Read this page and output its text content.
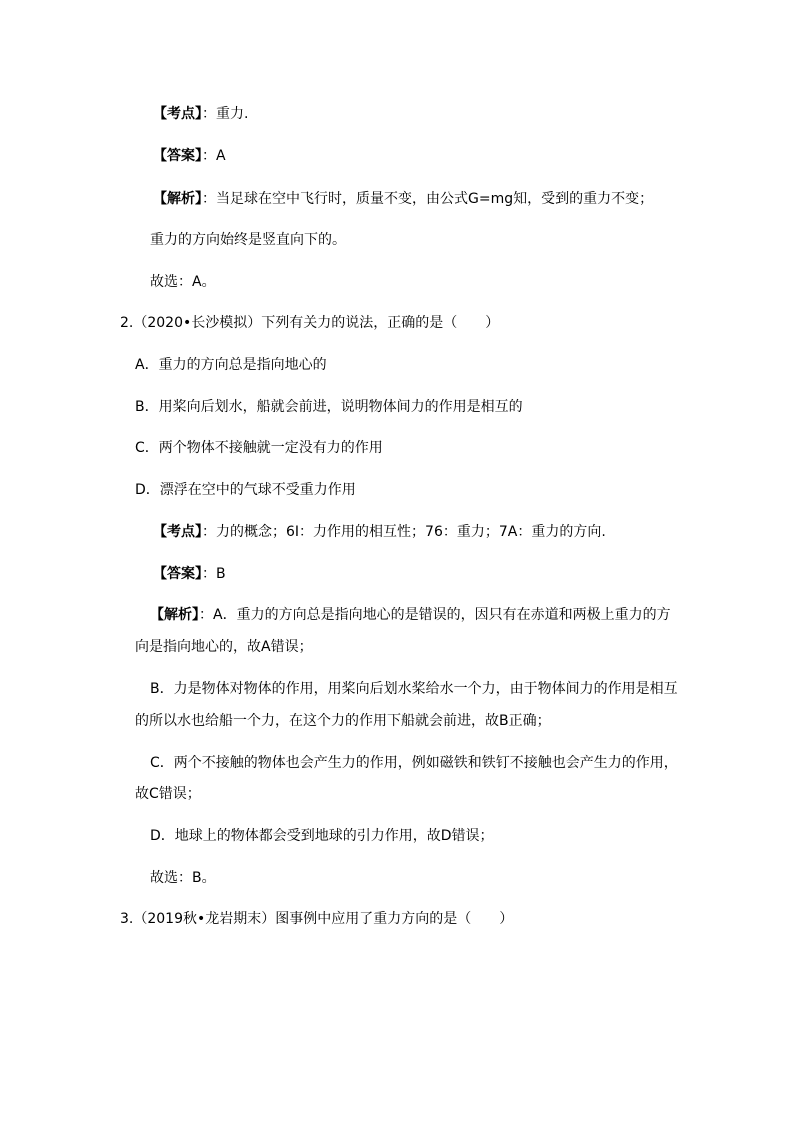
【考点】：重力.
【答案】：A
【解析】：当足球在空中飞行时，质量不变，由公式G=mg知，受到的重力不变；
重力的方向始终是竖直向下的。
故选：A。
2.（2020•长沙模拟）下列有关力的说法，正确的是（　　）
A．重力的方向总是指向地心的
B．用桨向后划水，船就会前进，说明物体间力的作用是相互的
C．两个物体不接触就一定没有力的作用
D．漂浮在空中的气球不受重力作用
【考点】：力的概念；6I：力作用的相互性；76：重力；7A：重力的方向.
【答案】：B
【解析】：A．重力的方向总是指向地心的是错误的，因只有在赤道和两极上重力的方
向是指向地心的，故A错误；
B．力是物体对物体的作用，用桨向后划水桨给水一个力，由于物体间力的作用是相互
的所以水也给船一个力，在这个力的作用下船就会前进，故B正确；
C．两个不接触的物体也会产生力的作用，例如磁铁和铁钉不接触也会产生力的作用，
故C错误；
D．地球上的物体都会受到地球的引力作用，故D错误；
故选：B。
3.（2019秋•龙岩期末）图事例中应用了重力方向的是（　　）
